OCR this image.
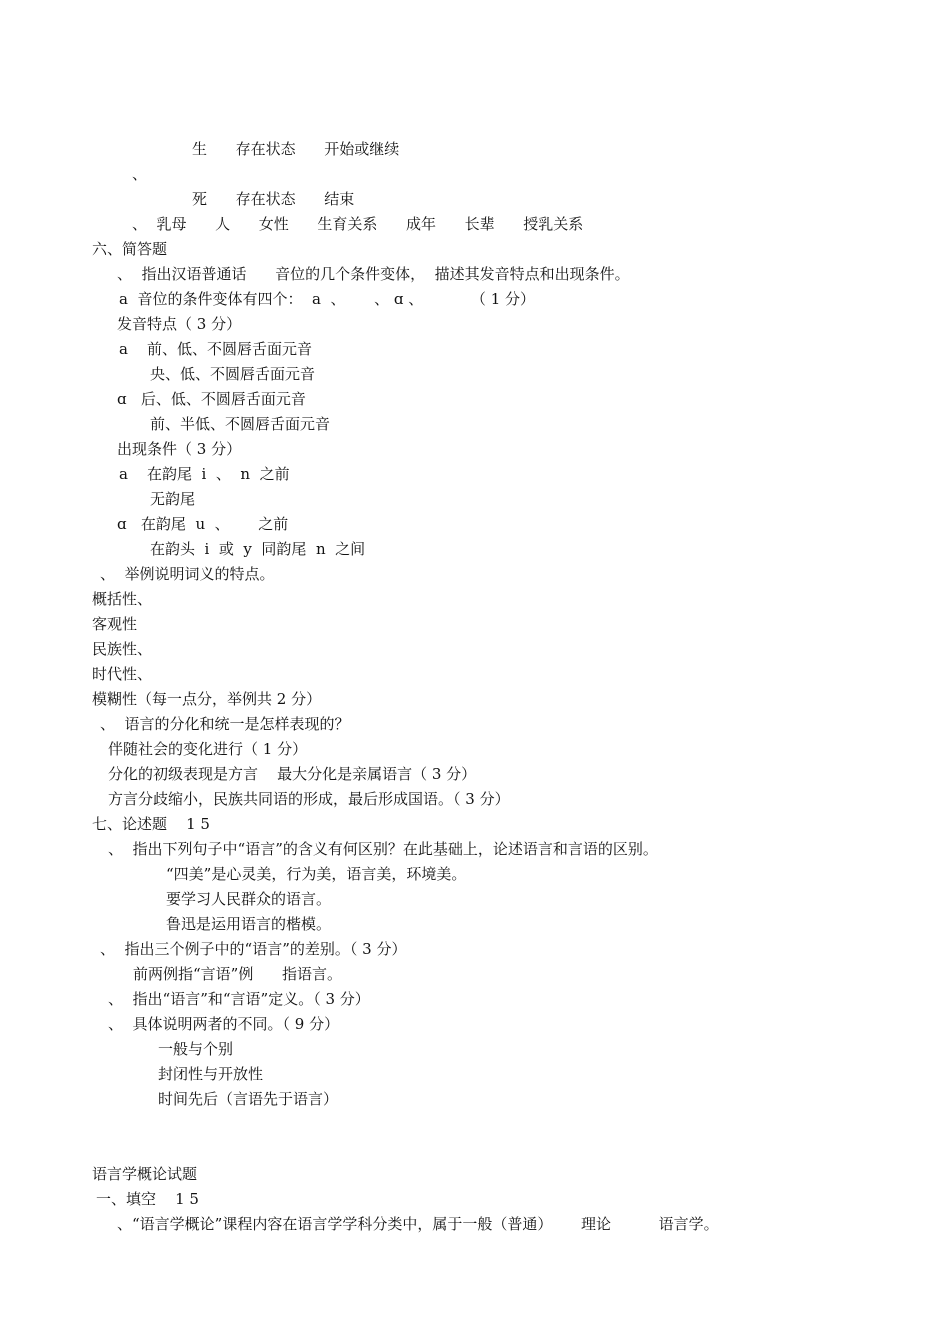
生      存在状态      开始或继续
、
死      存在状态      结束
、  乳母      人      女性      生育关系      成年      长辈      授乳关系
六、简答题
、  指出汉语普通话      音位的几个条件变体，  描述其发音特点和出现条件。
a  音位的条件变体有四个：  a  、      、 ɑ 、          （ 1 分）
发音特点（ 3 分）
a    前、低、不圆唇舌面元音
央、低、不圆唇舌面元音
ɑ   后、低、不圆唇舌面元音
前、半低、不圆唇舌面元音
出现条件（ 3 分）
a    在韵尾  i  、  n  之前
无韵尾
ɑ   在韵尾  u  、      之前
在韵头  i  或  y  同韵尾  n  之间
、  举例说明词义的特点。
概括性、
客观性
民族性、
时代性、
模糊性（每一点分，举例共 2 分）
、  语言的分化和统一是怎样表现的？
伴随社会的变化进行（ 1 分）
分化的初级表现是方言    最大分化是亲属语言（ 3 分）
方言分歧缩小，民族共同语的形成，最后形成国语。（ 3 分）
七、论述题    1 5
、  指出下列句子中“语言”的含义有何区别？在此基础上，论述语言和言语的区别。
“四美”是心灵美，行为美，语言美，环境美。
要学习人民群众的语言。
鲁迅是运用语言的楷模。
、  指出三个例子中的“语言”的差别。（ 3 分）
前两例指“言语”例      指语言。
、  指出“语言”和“言语”定义。（ 3 分）
、  具体说明两者的不同。（ 9 分）
一般与个别
封闭性与开放性
时间先后（言语先于语言）
语言学概论试题
一、填空    1 5
、“语言学概论”课程内容在语言学学科分类中，属于一般（普通）      理论          语言学。
